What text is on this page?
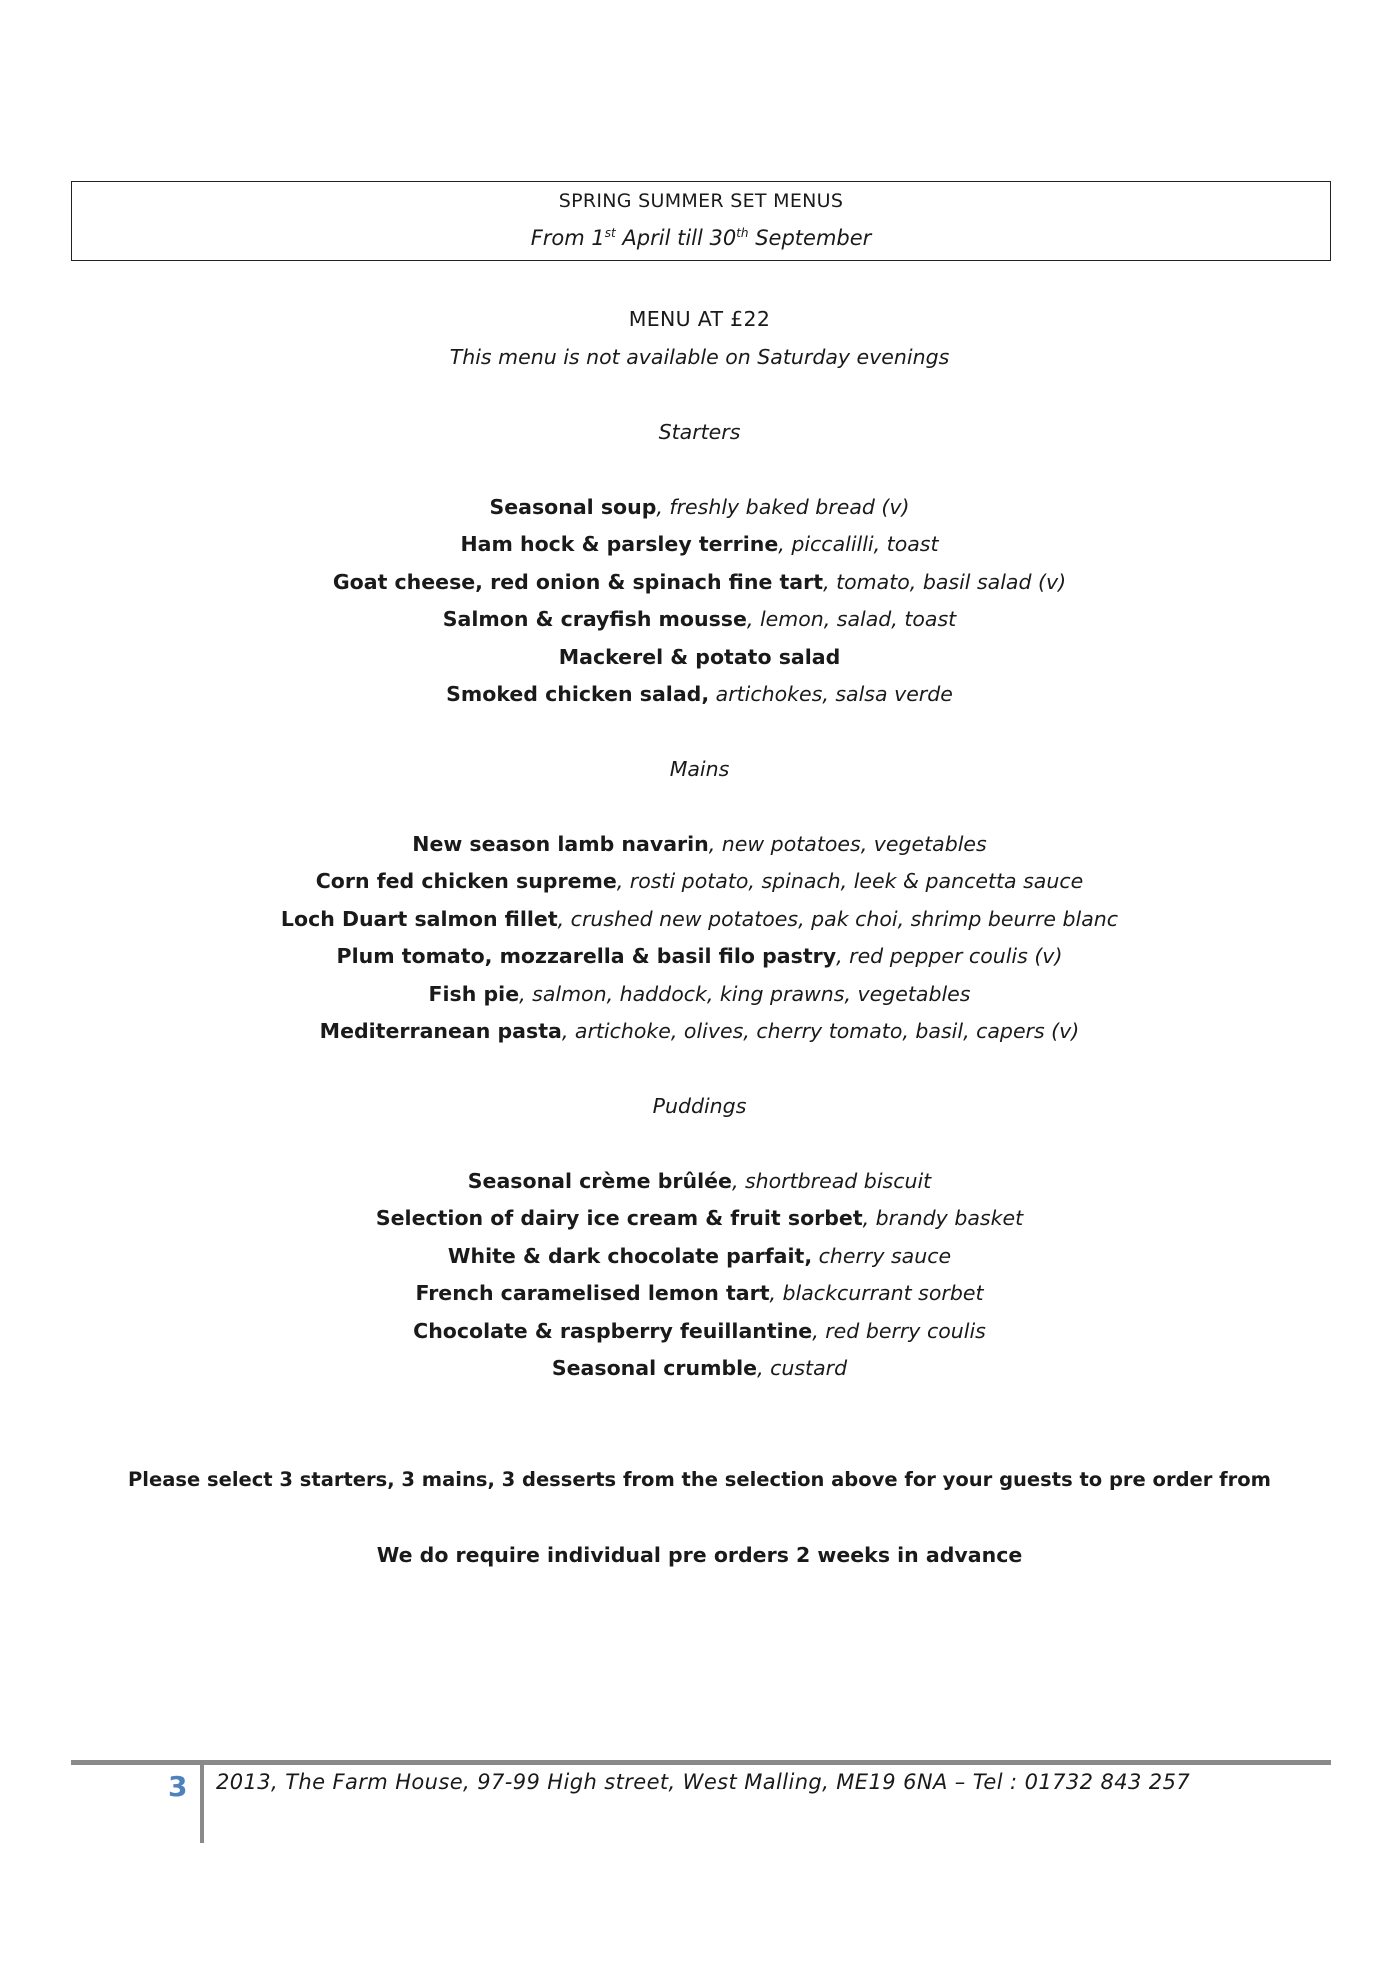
SPRING SUMMER SET MENUS
From 1st April till 30th September
MENU AT £22
This menu is not available on Saturday evenings
Starters
Seasonal soup, freshly baked bread (v)
Ham hock & parsley terrine, piccalilli, toast
Goat cheese, red onion & spinach fine tart, tomato, basil salad (v)
Salmon & crayfish mousse, lemon, salad, toast
Mackerel & potato salad
Smoked chicken salad, artichokes, salsa verde
Mains
New season lamb navarin, new potatoes, vegetables
Corn fed chicken supreme, rosti potato, spinach, leek & pancetta sauce
Loch Duart salmon fillet, crushed new potatoes, pak choi, shrimp beurre blanc
Plum tomato, mozzarella & basil filo pastry, red pepper coulis (v)
Fish pie, salmon, haddock, king prawns, vegetables
Mediterranean pasta, artichoke, olives, cherry tomato, basil, capers (v)
Puddings
Seasonal crème brûlée, shortbread biscuit
Selection of dairy ice cream & fruit sorbet, brandy basket
White & dark chocolate parfait, cherry sauce
French caramelised lemon tart, blackcurrant sorbet
Chocolate & raspberry feuillantine, red berry coulis
Seasonal crumble, custard
Please select 3 starters, 3 mains, 3 desserts from the selection above for your guests to pre order from
We do require individual pre orders 2 weeks in advance
3 2013, The Farm House, 97-99 High street, West Malling, ME19 6NA – Tel : 01732 843 257
